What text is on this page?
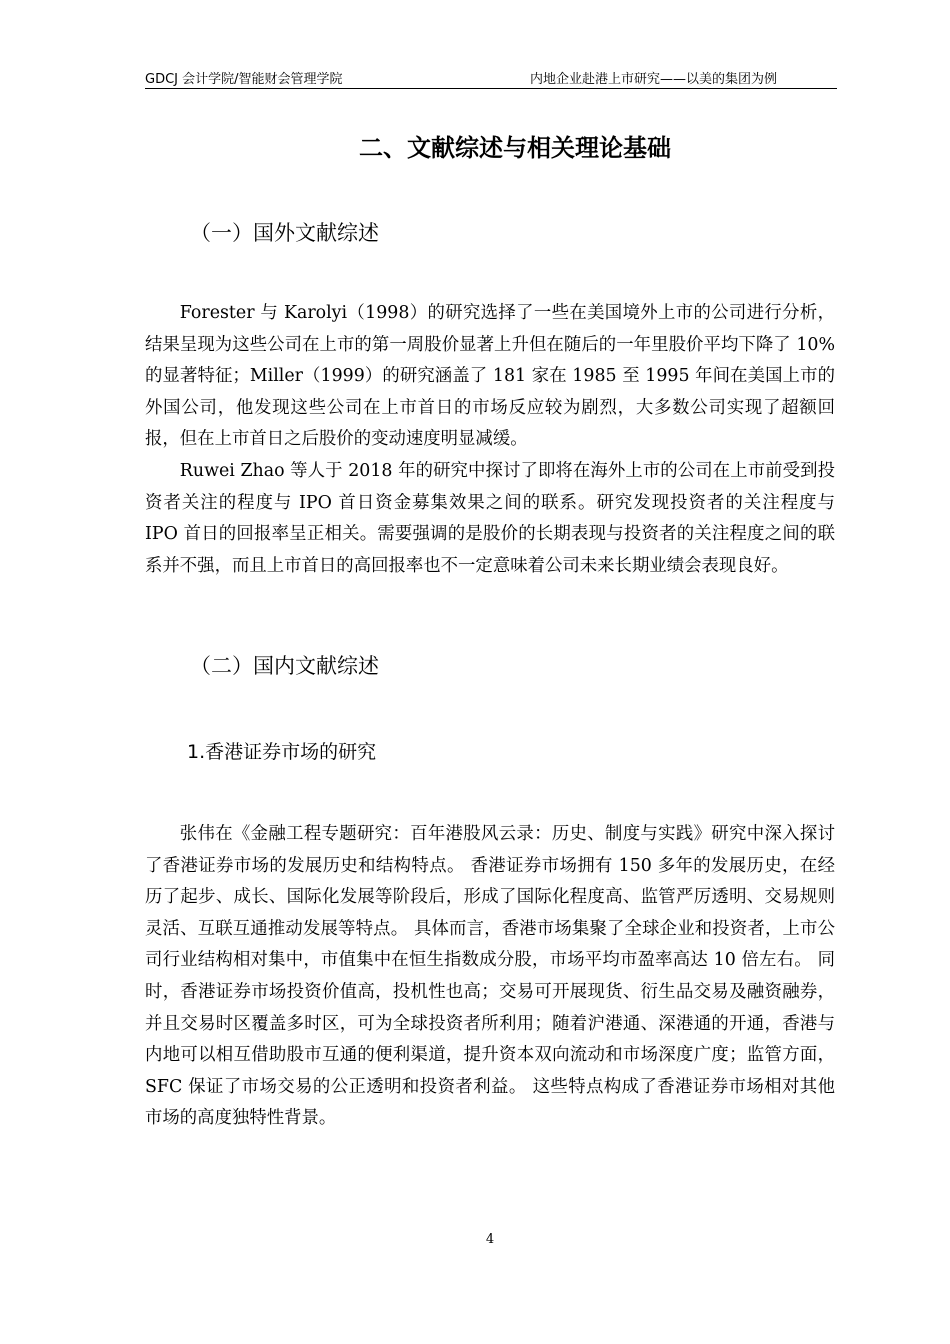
GDCJ 会计学院/智能财会管理学院	内地企业赴港上市研究——以美的集团为例
二、文献综述与相关理论基础
（一）国外文献综述

Forester 与 Karolyi（1998）的研究选择了一些在美国境外上市的公司进行分析，结果呈现为这些公司在上市的第一周股价显著上升但在随后的一年里股价平均下降了 10%的显著特征；Miller（1999）的研究涵盖了 181 家在 1985 至 1995 年间在美国上市的外国公司，他发现这些公司在上市首日的市场反应较为剧烈，大多数公司实现了超额回报，但在上市首日之后股价的变动速度明显减缓。

Ruwei Zhao 等人于 2018 年的研究中探讨了即将在海外上市的公司在上市前受到投资者关注的程度与 IPO 首日资金募集效果之间的联系。研究发现投资者的关注程度与 IPO 首日的回报率呈正相关。需要强调的是股价的长期表现与投资者的关注程度之间的联系并不强，而且上市首日的高回报率也不一定意味着公司未来长期业绩会表现良好。

（二）国内文献综述
1.香港证券市场的研究

张伟在《金融工程专题研究：百年港股风云录：历史、制度与实践》研究中深入探讨了香港证券市场的发展历史和结构特点。 香港证券市场拥有 150 多年的发展历史，在经历了起步、成长、国际化发展等阶段后，形成了国际化程度高、监管严厉透明、交易规则灵活、互联互通推动发展等特点。 具体而言，香港市场集聚了全球企业和投资者，上市公司行业结构相对集中，市值集中在恒生指数成分股，市场平均市盈率高达 10 倍左右。 同时，香港证券市场投资价值高，投机性也高；交易可开展现货、衍生品交易及融资融券，并且交易时区覆盖多时区，可为全球投资者所利用；随着沪港通、深港通的开通，香港与内地可以相互借助股市互通的便利渠道，提升资本双向流动和市场深度广度；监管方面，SFC 保证了市场交易的公正透明和投资者利益。 这些特点构成了香港证券市场相对其他市场的高度独特性背景。

4
